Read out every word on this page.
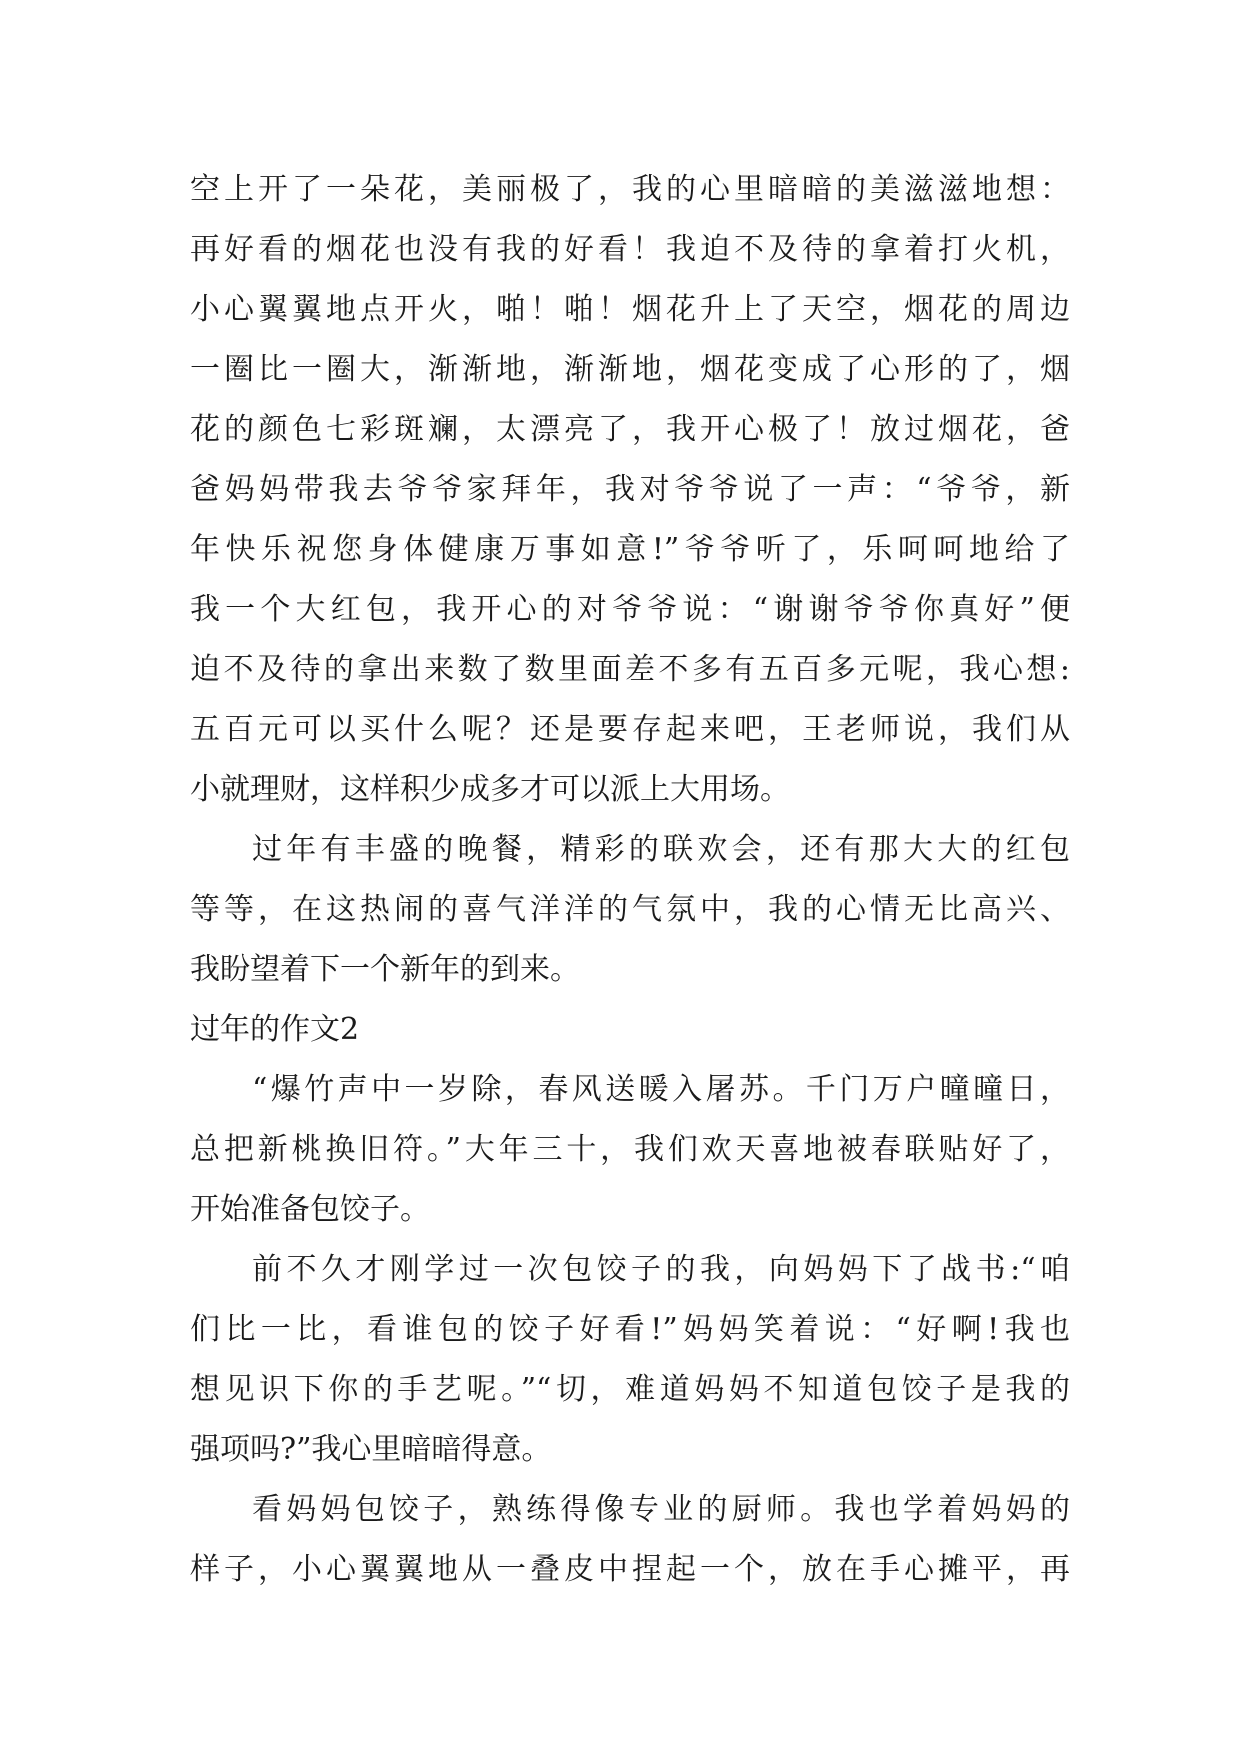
空上开了一朵花，美丽极了，我的心里暗暗的美滋滋地想：
再好看的烟花也没有我的好看！我迫不及待的拿着打火机，
小心翼翼地点开火，啪！啪！烟花升上了天空，烟花的周边
一圈比一圈大，渐渐地，渐渐地，烟花变成了心形的了，烟
花的颜色七彩斑斓，太漂亮了，我开心极了！放过烟花，爸
爸妈妈带我去爷爷家拜年，我对爷爷说了一声：“爷爷，新
年快乐祝您身体健康万事如意!”爷爷听了，乐呵呵地给了
我一个大红包，我开心的对爷爷说：“谢谢爷爷你真好”便
迫不及待的拿出来数了数里面差不多有五百多元呢，我心想:
五百元可以买什么呢？还是要存起来吧，王老师说，我们从
小就理财，这样积少成多才可以派上大用场。
过年有丰盛的晚餐，精彩的联欢会，还有那大大的红包
等等，在这热闹的喜气洋洋的气氛中，我的心情无比高兴、
我盼望着下一个新年的到来。
过年的作文2
“爆竹声中一岁除，春风送暖入屠苏。千门万户曈曈日，
总把新桃换旧符。”大年三十，我们欢天喜地被春联贴好了，
开始准备包饺子。
前不久才刚学过一次包饺子的我，向妈妈下了战书:“咱
们比一比，看谁包的饺子好看!”妈妈笑着说：“好啊!我也
想见识下你的手艺呢。”“切，难道妈妈不知道包饺子是我的
强项吗?”我心里暗暗得意。
看妈妈包饺子，熟练得像专业的厨师。我也学着妈妈的
样子，小心翼翼地从一叠皮中捏起一个，放在手心摊平，再
